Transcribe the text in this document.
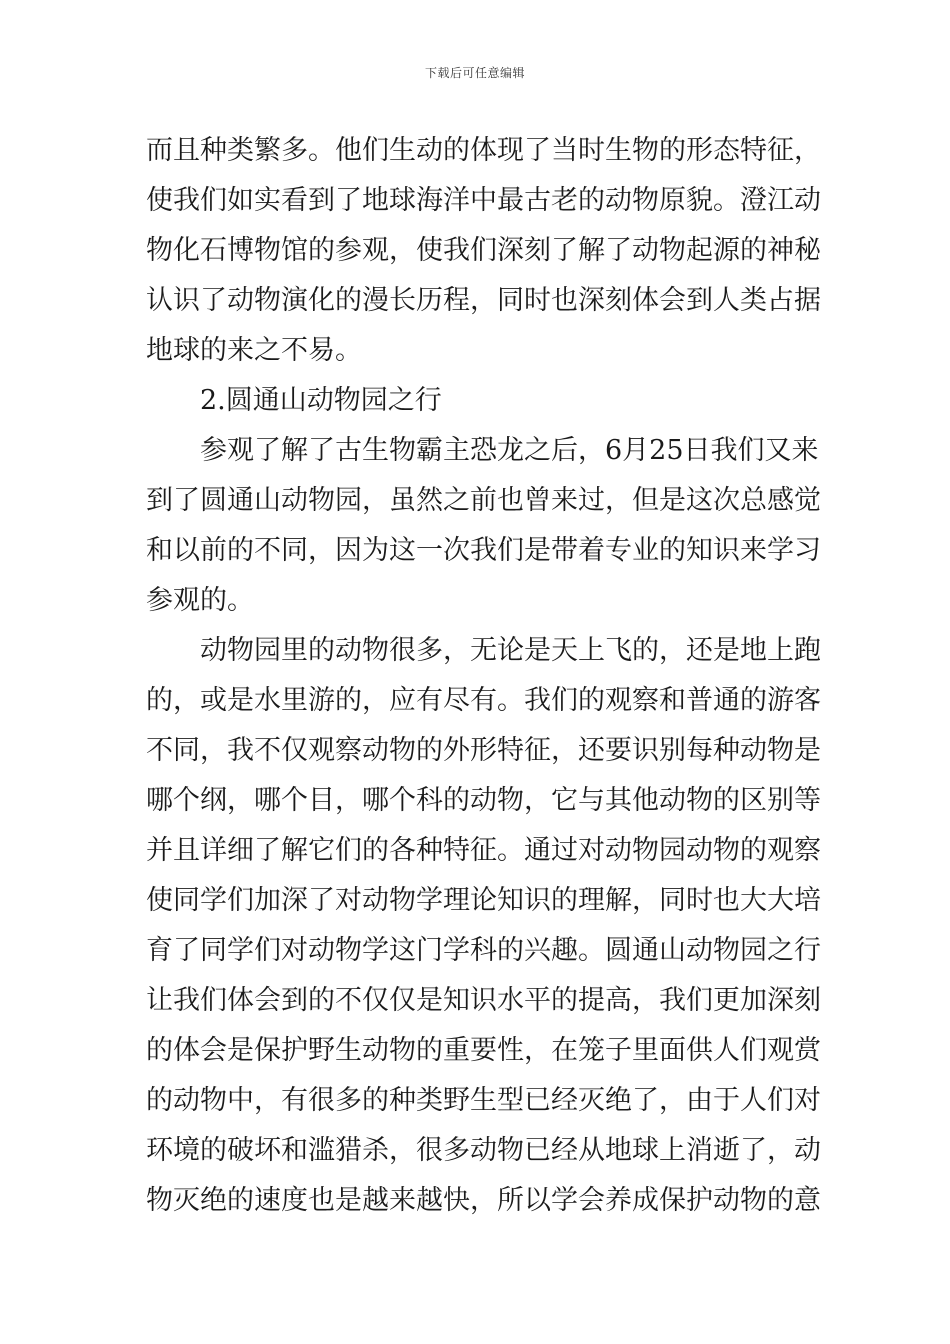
下载后可任意编辑
而且种类繁多。他们生动的体现了当时生物的形态特征，
使我们如实看到了地球海洋中最古老的动物原貌。澄江动
物化石博物馆的参观，使我们深刻了解了动物起源的神秘
认识了动物演化的漫长历程，同时也深刻体会到人类占据
地球的来之不易。
2.圆通山动物园之行
参观了解了古生物霸主恐龙之后，6月25日我们又来
到了圆通山动物园，虽然之前也曾来过，但是这次总感觉
和以前的不同，因为这一次我们是带着专业的知识来学习
参观的。
动物园里的动物很多，无论是天上飞的，还是地上跑
的，或是水里游的，应有尽有。我们的观察和普通的游客
不同，我不仅观察动物的外形特征，还要识别每种动物是
哪个纲，哪个目，哪个科的动物，它与其他动物的区别等
并且详细了解它们的各种特征。通过对动物园动物的观察
使同学们加深了对动物学理论知识的理解，同时也大大培
育了同学们对动物学这门学科的兴趣。圆通山动物园之行
让我们体会到的不仅仅是知识水平的提高，我们更加深刻
的体会是保护野生动物的重要性，在笼子里面供人们观赏
的动物中，有很多的种类野生型已经灭绝了，由于人们对
环境的破坏和滥猎杀，很多动物已经从地球上消逝了，动
物灭绝的速度也是越来越快，所以学会养成保护动物的意
